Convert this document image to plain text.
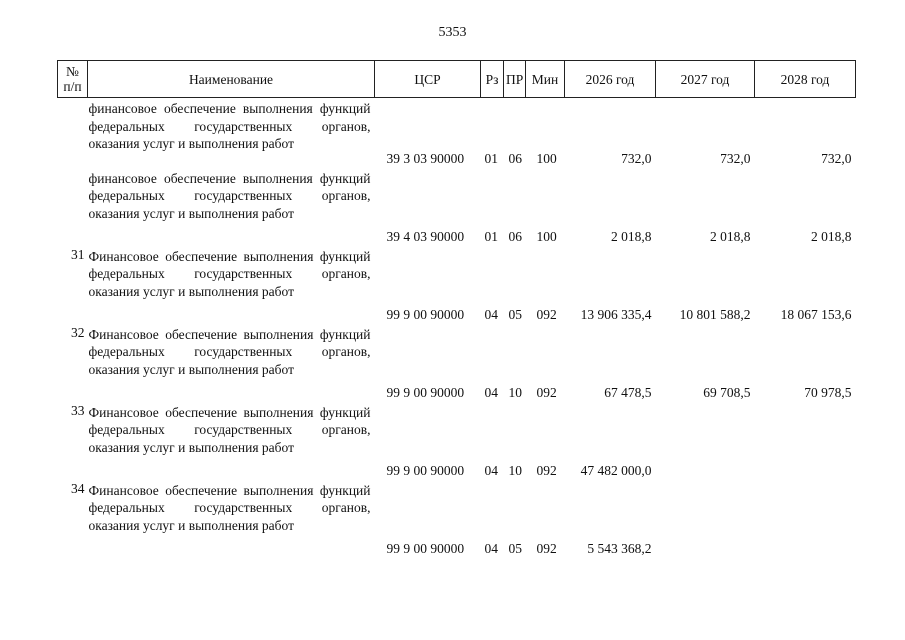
5353
№ п/п	Наименование	ЦСР	Рз	ПР	Мин	2026 год	2027 год	2028 год
	финансовое обеспечение выполнения функций федеральных государственных органов, оказания услуг и выполнения работ	39 3 03 90000	01	06	100	732,0	732,0	732,0
	финансовое обеспечение выполнения функций федеральных государственных органов, оказания услуг и выполнения работ	39 4 03 90000	01	06	100	2 018,8	2 018,8	2 018,8
31	Финансовое обеспечение выполнения функций федеральных государственных органов, оказания услуг и выполнения работ	99 9 00 90000	04	05	092	13 906 335,4	10 801 588,2	18 067 153,6
32	Финансовое обеспечение выполнения функций федеральных государственных органов, оказания услуг и выполнения работ	99 9 00 90000	04	10	092	67 478,5	69 708,5	70 978,5
33	Финансовое обеспечение выполнения функций федеральных государственных органов, оказания услуг и выполнения работ	99 9 00 90000	04	10	092	47 482 000,0		
34	Финансовое обеспечение выполнения функций федеральных государственных органов, оказания услуг и выполнения работ	99 9 00 90000	04	05	092	5 543 368,2		
